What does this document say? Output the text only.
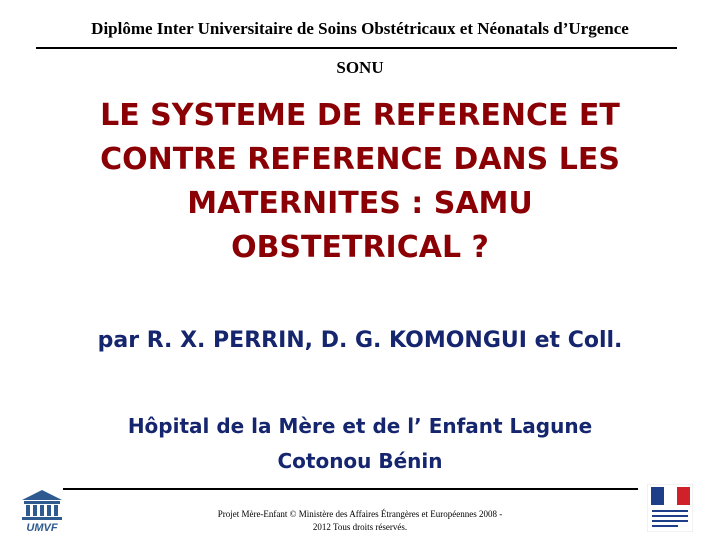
Diplôme Inter Universitaire de Soins Obstétricaux et Néonatals d’Urgence
SONU
LE SYSTEME DE REFERENCE ET
CONTRE REFERENCE DANS LES
MATERNITES : SAMU
OBSTETRICAL ?
par R. X. PERRIN, D. G. KOMONGUI et Coll.
Hôpital de la Mère et de l’ Enfant Lagune
Cotonou Bénin
UMVF
Projet Mère-Enfant © Ministère des Affaires Étrangères et Européennes 2008 -
2012 Tous droits réservés.
